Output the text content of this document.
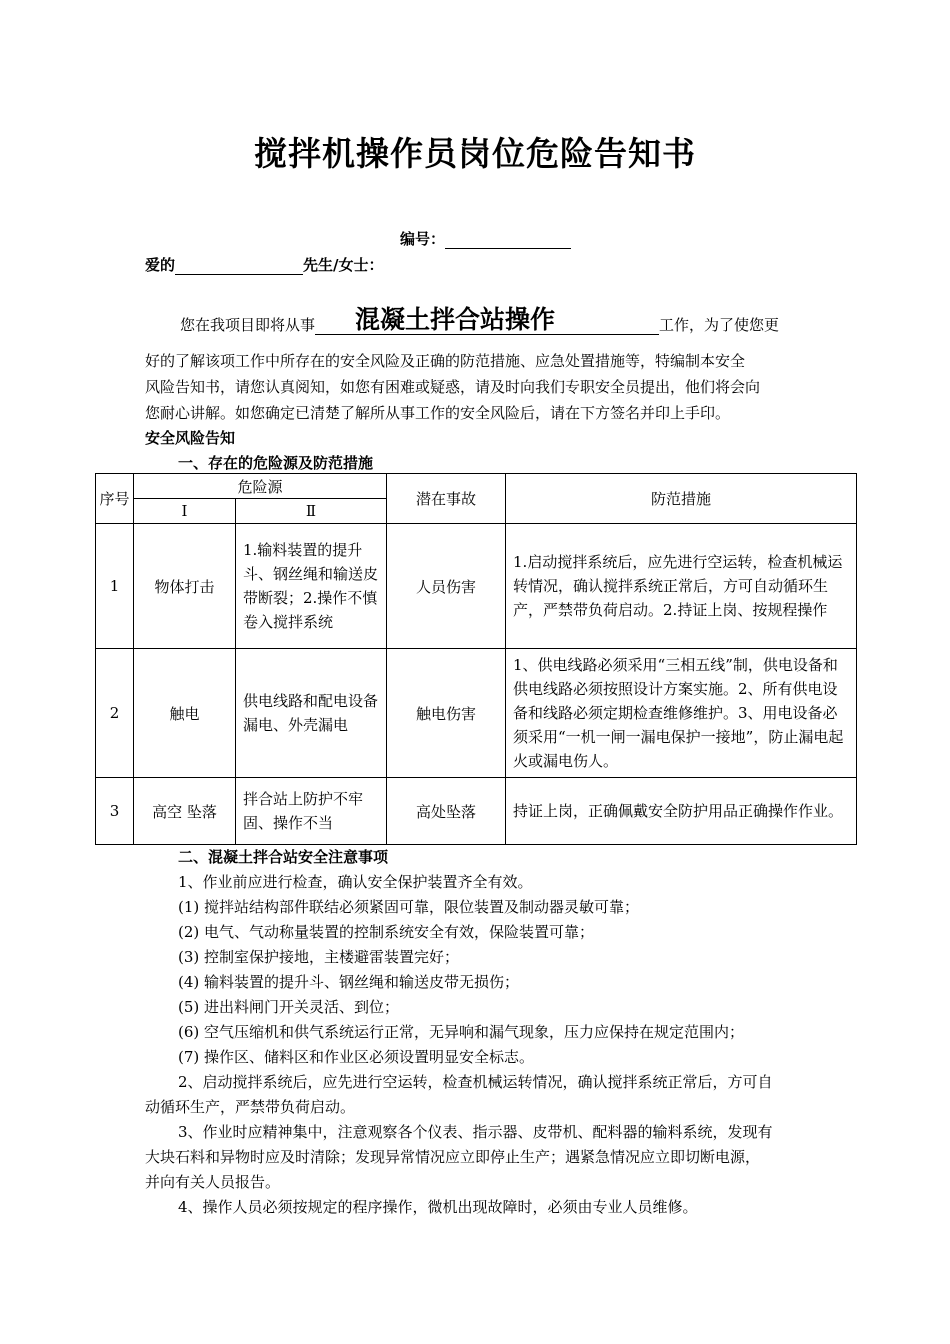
搅拌机操作员岗位危险告知书
编号：
爱的	先生/女士：
您在我项目即将从事 混凝土拌合站操作	工作，为了使您更
好的了解该项工作中所存在的安全风险及正确的防范措施、应急处置措施等，特编制本安全
风险告知书，请您认真阅知，如您有困难或疑惑，请及时向我们专职安全员提出，他们将会向
您耐心讲解。如您确定已清楚了解所从事工作的安全风险后，请在下方签名并印上手印。
安全风险告知
一、存在的危险源及防范措施
序号	危险源		潜在事故	防范措施
	Ⅰ	Ⅱ		
1	物体打击	1.输料装置的提升斗、钢丝绳和输送皮带断裂；2.操作不慎卷入搅拌系统	人员伤害	1.启动搅拌系统后，应先进行空运转，检查机械运转情况，确认搅拌系统正常后，方可自动循环生产，严禁带负荷启动。2.持证上岗、按规程操作

2	触电	供电线路和配电设备漏电、外壳漏电	触电伤害	1、供电线路必须采用“三相五线”制，供电设备和供电线路必须按照设计方案实施。2、所有供电设备和线路必须定期检查维修维护。3、用电设备必须采用“一机一闸一漏电保护一接地”，防止漏电起火或漏电伤人。

3	高空 坠落	拌合站上防护不牢固、操作不当	高处坠落	持证上岗，正确佩戴安全防护用品正确操作作业。
二、混凝土拌合站安全注意事项
1、作业前应进行检查，确认安全保护装置齐全有效。
(1) 搅拌站结构部件联结必须紧固可靠，限位装置及制动器灵敏可靠；
(2) 电气、气动称量装置的控制系统安全有效，保险装置可靠；
(3) 控制室保护接地，主楼避雷装置完好；
(4) 输料装置的提升斗、钢丝绳和输送皮带无损伤；
(5) 进出料闸门开关灵活、到位；
(6) 空气压缩机和供气系统运行正常，无异响和漏气现象，压力应保持在规定范围内；
(7) 操作区、储料区和作业区必须设置明显安全标志。
2、启动搅拌系统后，应先进行空运转，检查机械运转情况，确认搅拌系统正常后，方可自
动循环生产，严禁带负荷启动。
3、作业时应精神集中，注意观察各个仪表、指示器、皮带机、配料器的输料系统，发现有
大块石料和异物时应及时清除；发现异常情况应立即停止生产；遇紧急情况应立即切断电源，
并向有关人员报告。
4、操作人员必须按规定的程序操作，微机出现故障时，必须由专业人员维修。
